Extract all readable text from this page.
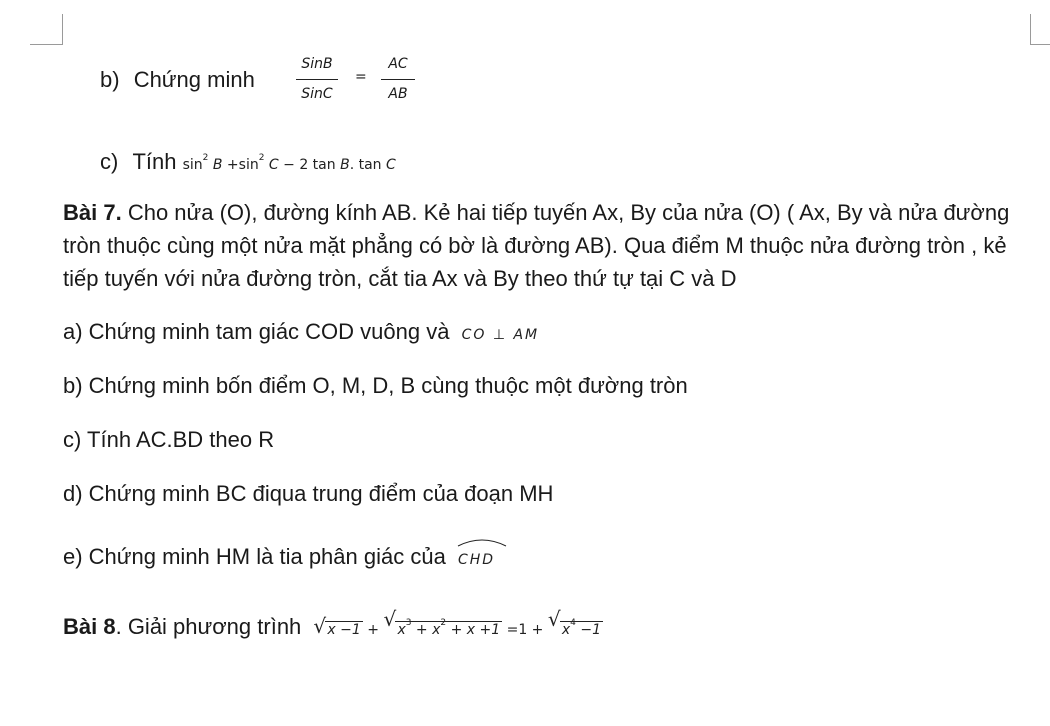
b) Chứng minh
SinB
SinC
=
AC
AB
c) Tính $\sin^2 B +\sin^2$ C − 2 tan B. tan C
Bài 7. Cho nửa (O), đường kính AB. Kẻ hai tiếp tuyến Ax, By của nửa (O) ( Ax, By và nửa đường tròn thuộc cùng một nửa mặt phẳng có bờ là đường AB). Qua điểm M thuộc nửa đường tròn , kẻ tiếp tuyến với nửa đường tròn, cắt tia Ax và By theo thứ tự tại C và D
a) Chứng minh tam giác COD vuông và CO ⊥ AM
b) Chứng minh bốn điểm O, M, D, B cùng thuộc một đường tròn
c) Tính AC.BD theo R
d) Chứng minh BC điqua trung điểm của đoạn MH
e) Chứng minh HM là tia phân giác của CHD
Bài 8. Giải phương trình √ x −1 + √ $x^3 + x^2 + x +1 =1$ + √ $x^4 -1$
